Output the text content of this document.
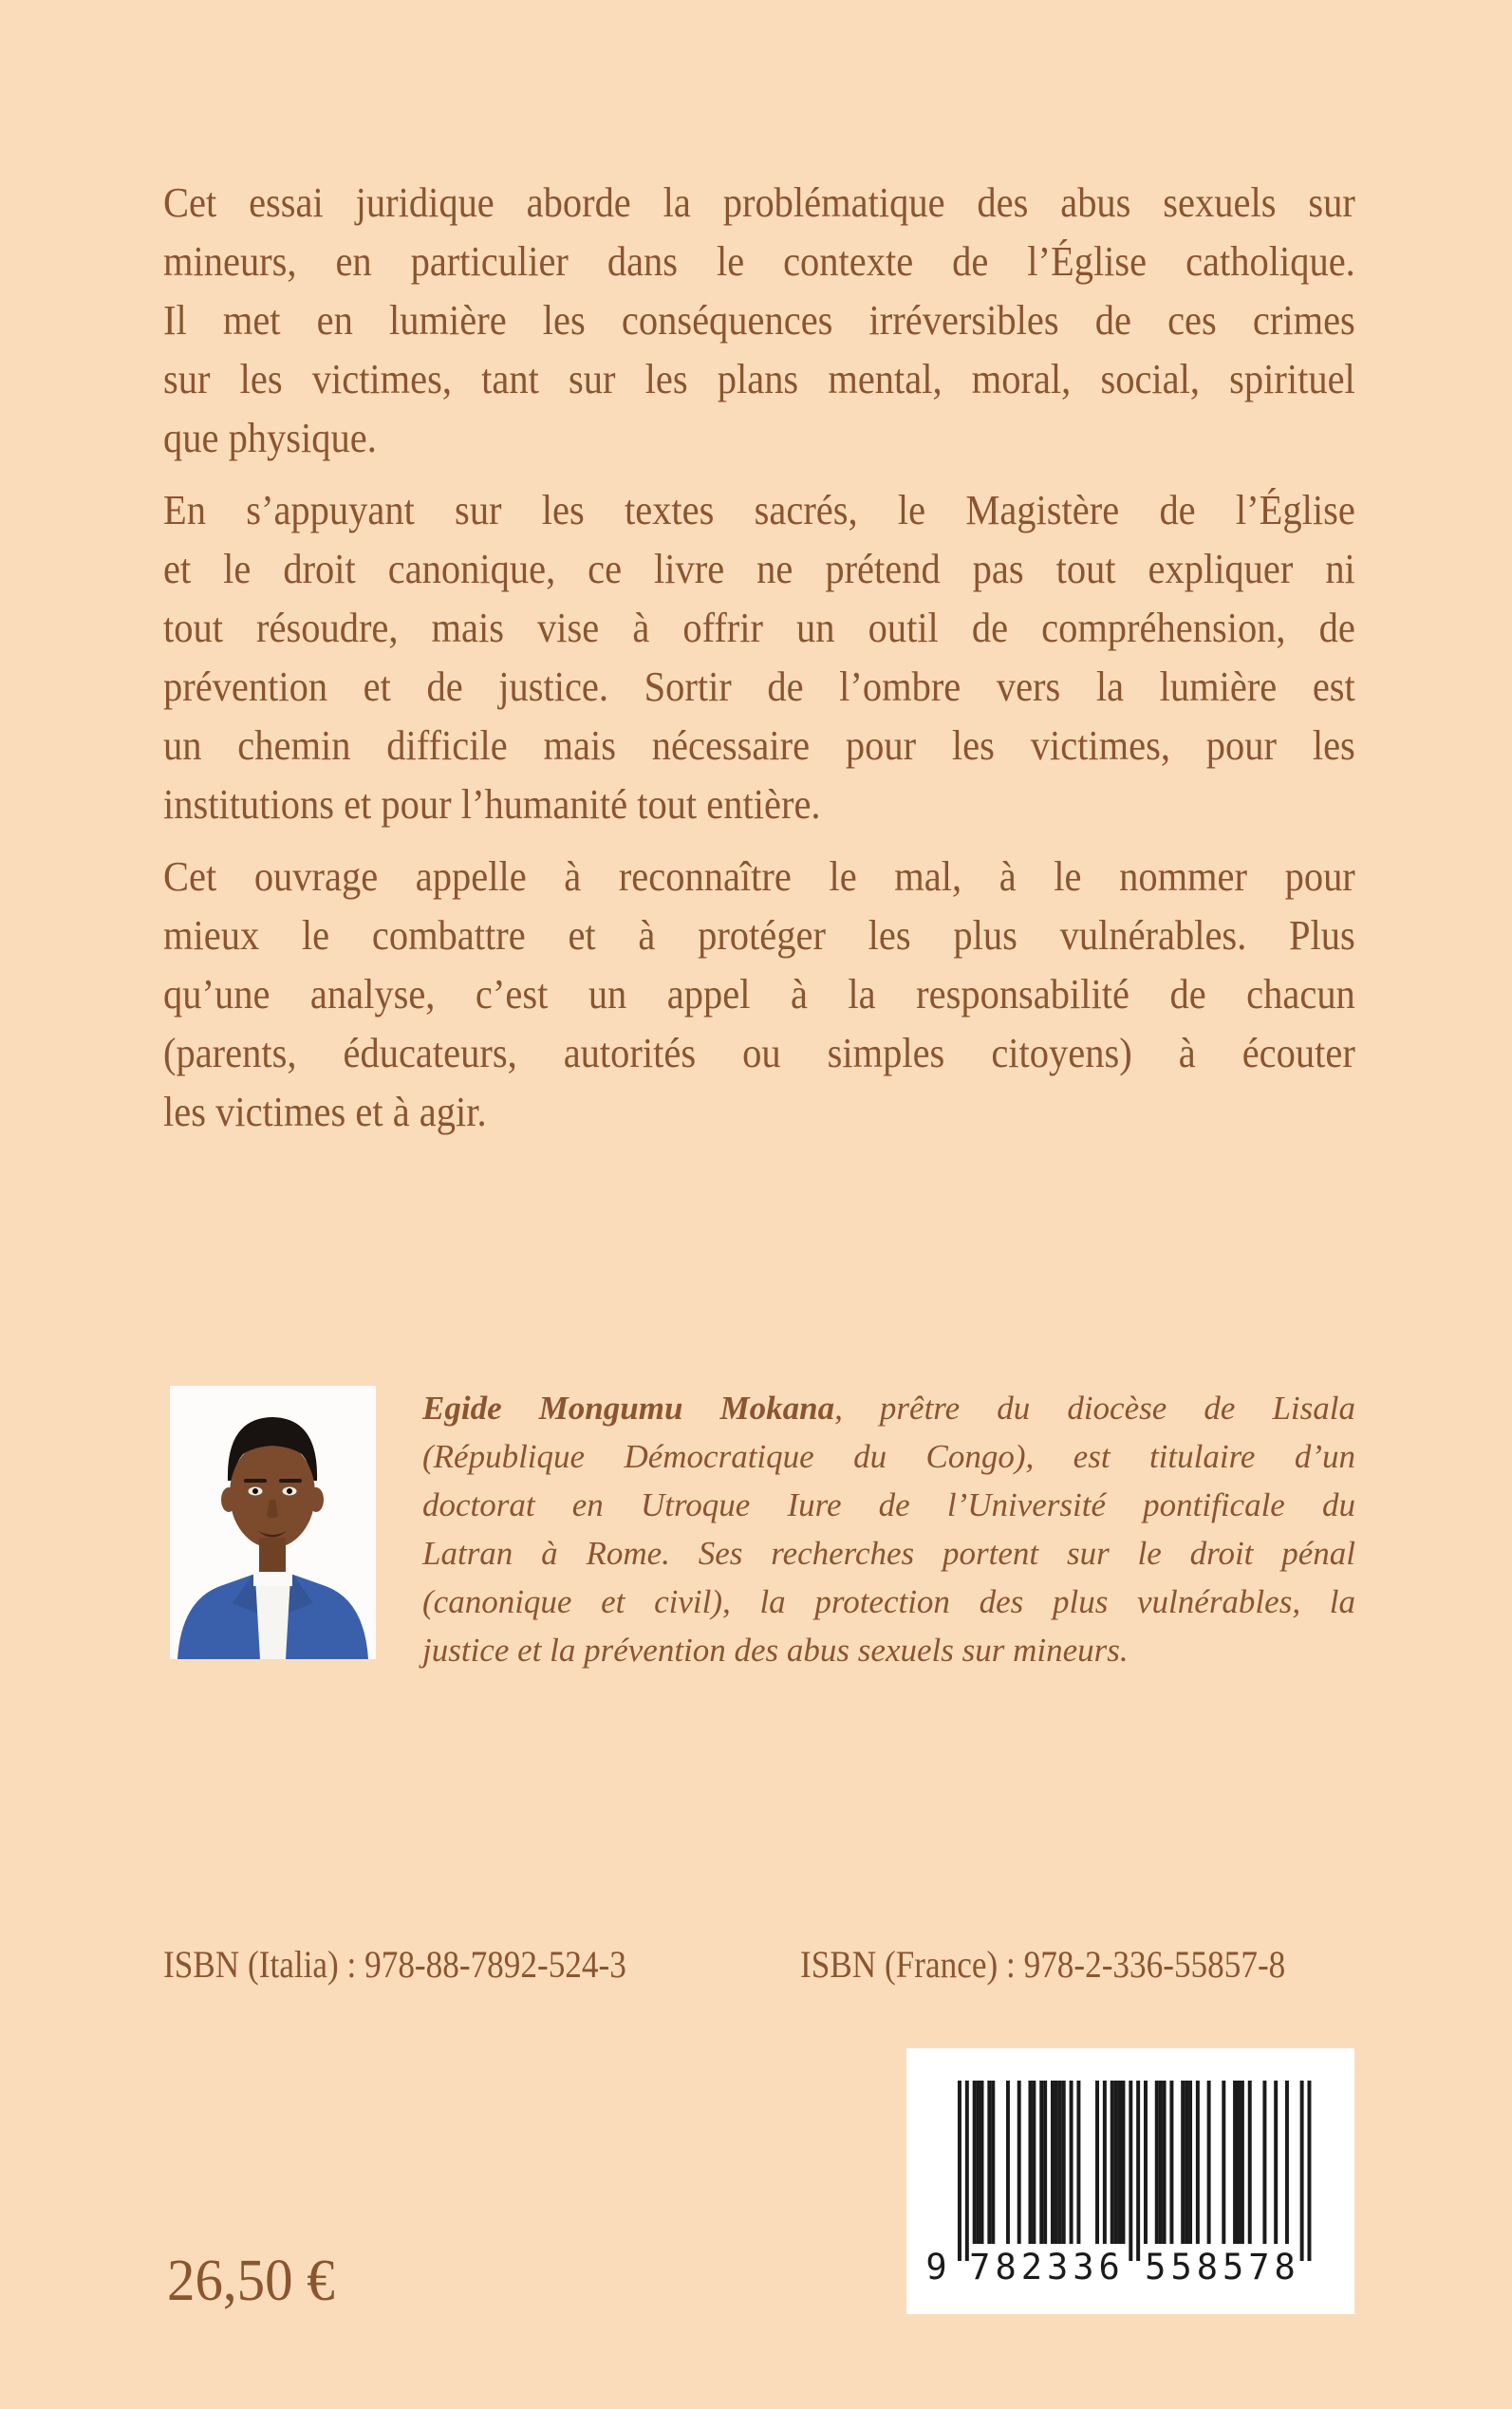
Cet essai juridique aborde la problématique des abus sexuels sur
mineurs, en particulier dans le contexte de l’Église catholique.
Il met en lumière les conséquences irréversibles de ces crimes
sur les victimes, tant sur les plans mental, moral, social, spirituel
que physique.
En s’appuyant sur les textes sacrés, le Magistère de l’Église
et le droit canonique, ce livre ne prétend pas tout expliquer ni
tout résoudre, mais vise à offrir un outil de compréhension, de
prévention et de justice. Sortir de l’ombre vers la lumière est
un chemin difficile mais nécessaire pour les victimes, pour les
institutions et pour l’humanité tout entière.
Cet ouvrage appelle à reconnaître le mal, à le nommer pour
mieux le combattre et à protéger les plus vulnérables. Plus
qu’une analyse, c’est un appel à la responsabilité de chacun
(parents, éducateurs, autorités ou simples citoyens) à écouter
les victimes et à agir.
Egide Mongumu Mokana, prêtre du diocèse de Lisala
(République Démocratique du Congo), est titulaire d’un
doctorat en Utroque Iure de l’Université pontificale du
Latran à Rome. Ses recherches portent sur le droit pénal
(canonique et civil), la protection des plus vulnérables, la
justice et la prévention des abus sexuels sur mineurs.
ISBN (Italia) : 978-88-7892-524-3	ISBN (France) : 978-2-336-55857-8
9 782336 558578
26,50 €
